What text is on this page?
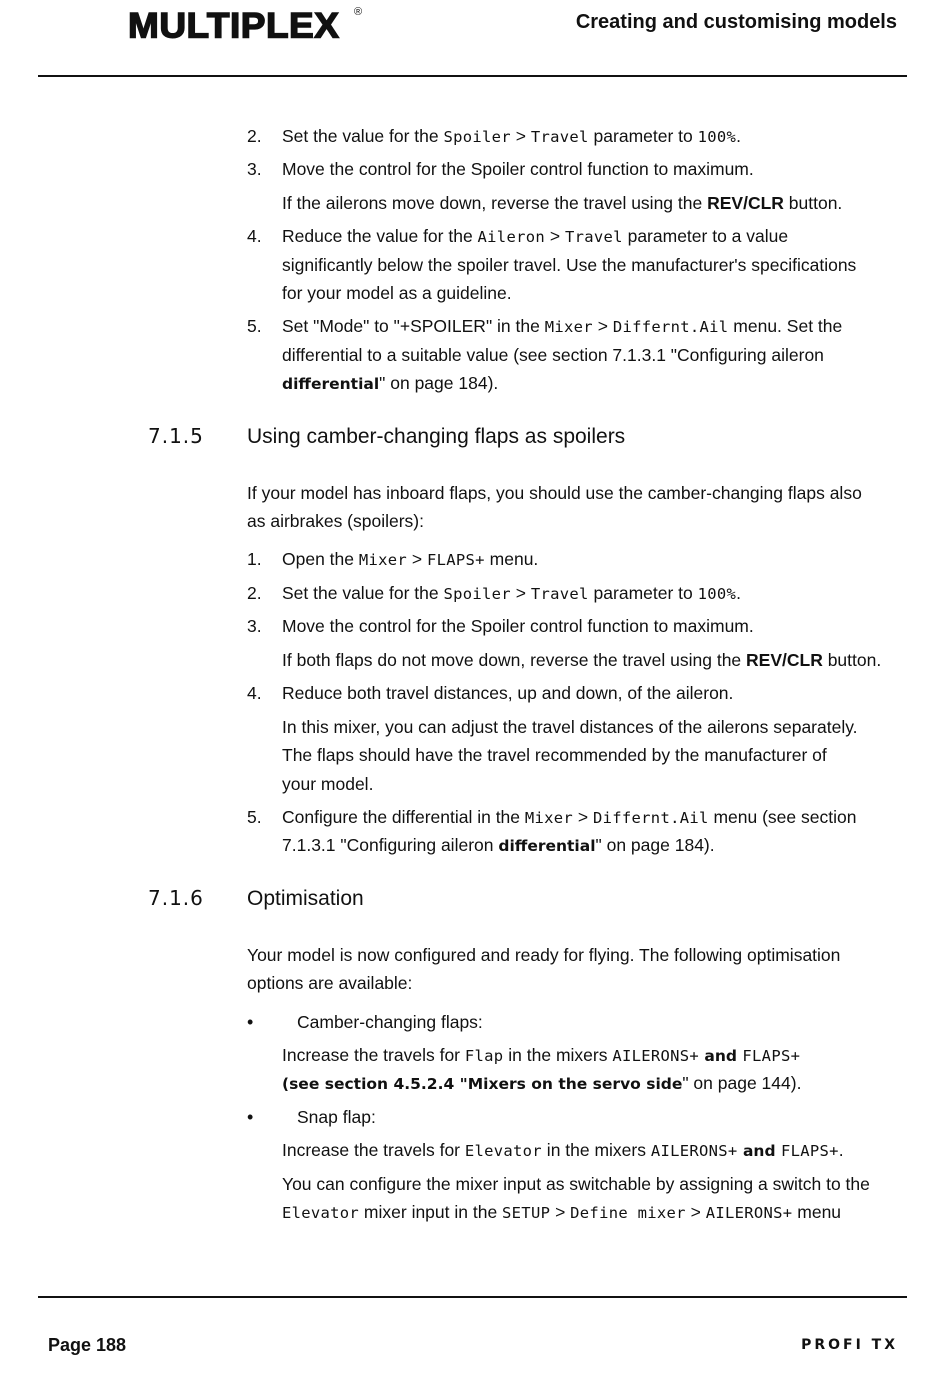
MULTIPLEX ®	Creating and customising models
2. Set the value for the Spoiler > Travel parameter to 100%.
3. Move the control for the Spoiler control function to maximum.
If the ailerons move down, reverse the travel using the REV/CLR button.
4. Reduce the value for the Aileron > Travel parameter to a value
significantly below the spoiler travel. Use the manufacturer's specifications
for your model as a guideline.
5. Set "Mode" to "+SPOILER" in the Mixer > Differnt.Ail menu. Set the
differential to a suitable value (see section 7.1.3.1 "Configuring aileron
differential" on page 184).
7.1.5 Using camber-changing flaps as spoilers
If your model has inboard flaps, you should use the camber-changing flaps also
as airbrakes (spoilers):
1. Open the Mixer > FLAPS+ menu.
2. Set the value for the Spoiler > Travel parameter to 100%.
3. Move the control for the Spoiler control function to maximum.
If both flaps do not move down, reverse the travel using the REV/CLR button.
4. Reduce both travel distances, up and down, of the aileron.
In this mixer, you can adjust the travel distances of the ailerons separately.
The flaps should have the travel recommended by the manufacturer of
your model.
5. Configure the differential in the Mixer > Differnt.Ail menu (see section
7.1.3.1 "Configuring aileron differential" on page 184).
7.1.6 Optimisation
Your model is now configured and ready for flying. The following optimisation
options are available:
• Camber-changing flaps:
Increase the travels for Flap in the mixers AILERONS+ and FLAPS+
(see section 4.5.2.4 "Mixers on the servo side" on page 144).
• Snap flap:
Increase the travels for Elevator in the mixers AILERONS+ and FLAPS+.
You can configure the mixer input as switchable by assigning a switch to the
Elevator mixer input in the SETUP > Define mixer > AILERONS+ menu
Page 188	PROFI TX
